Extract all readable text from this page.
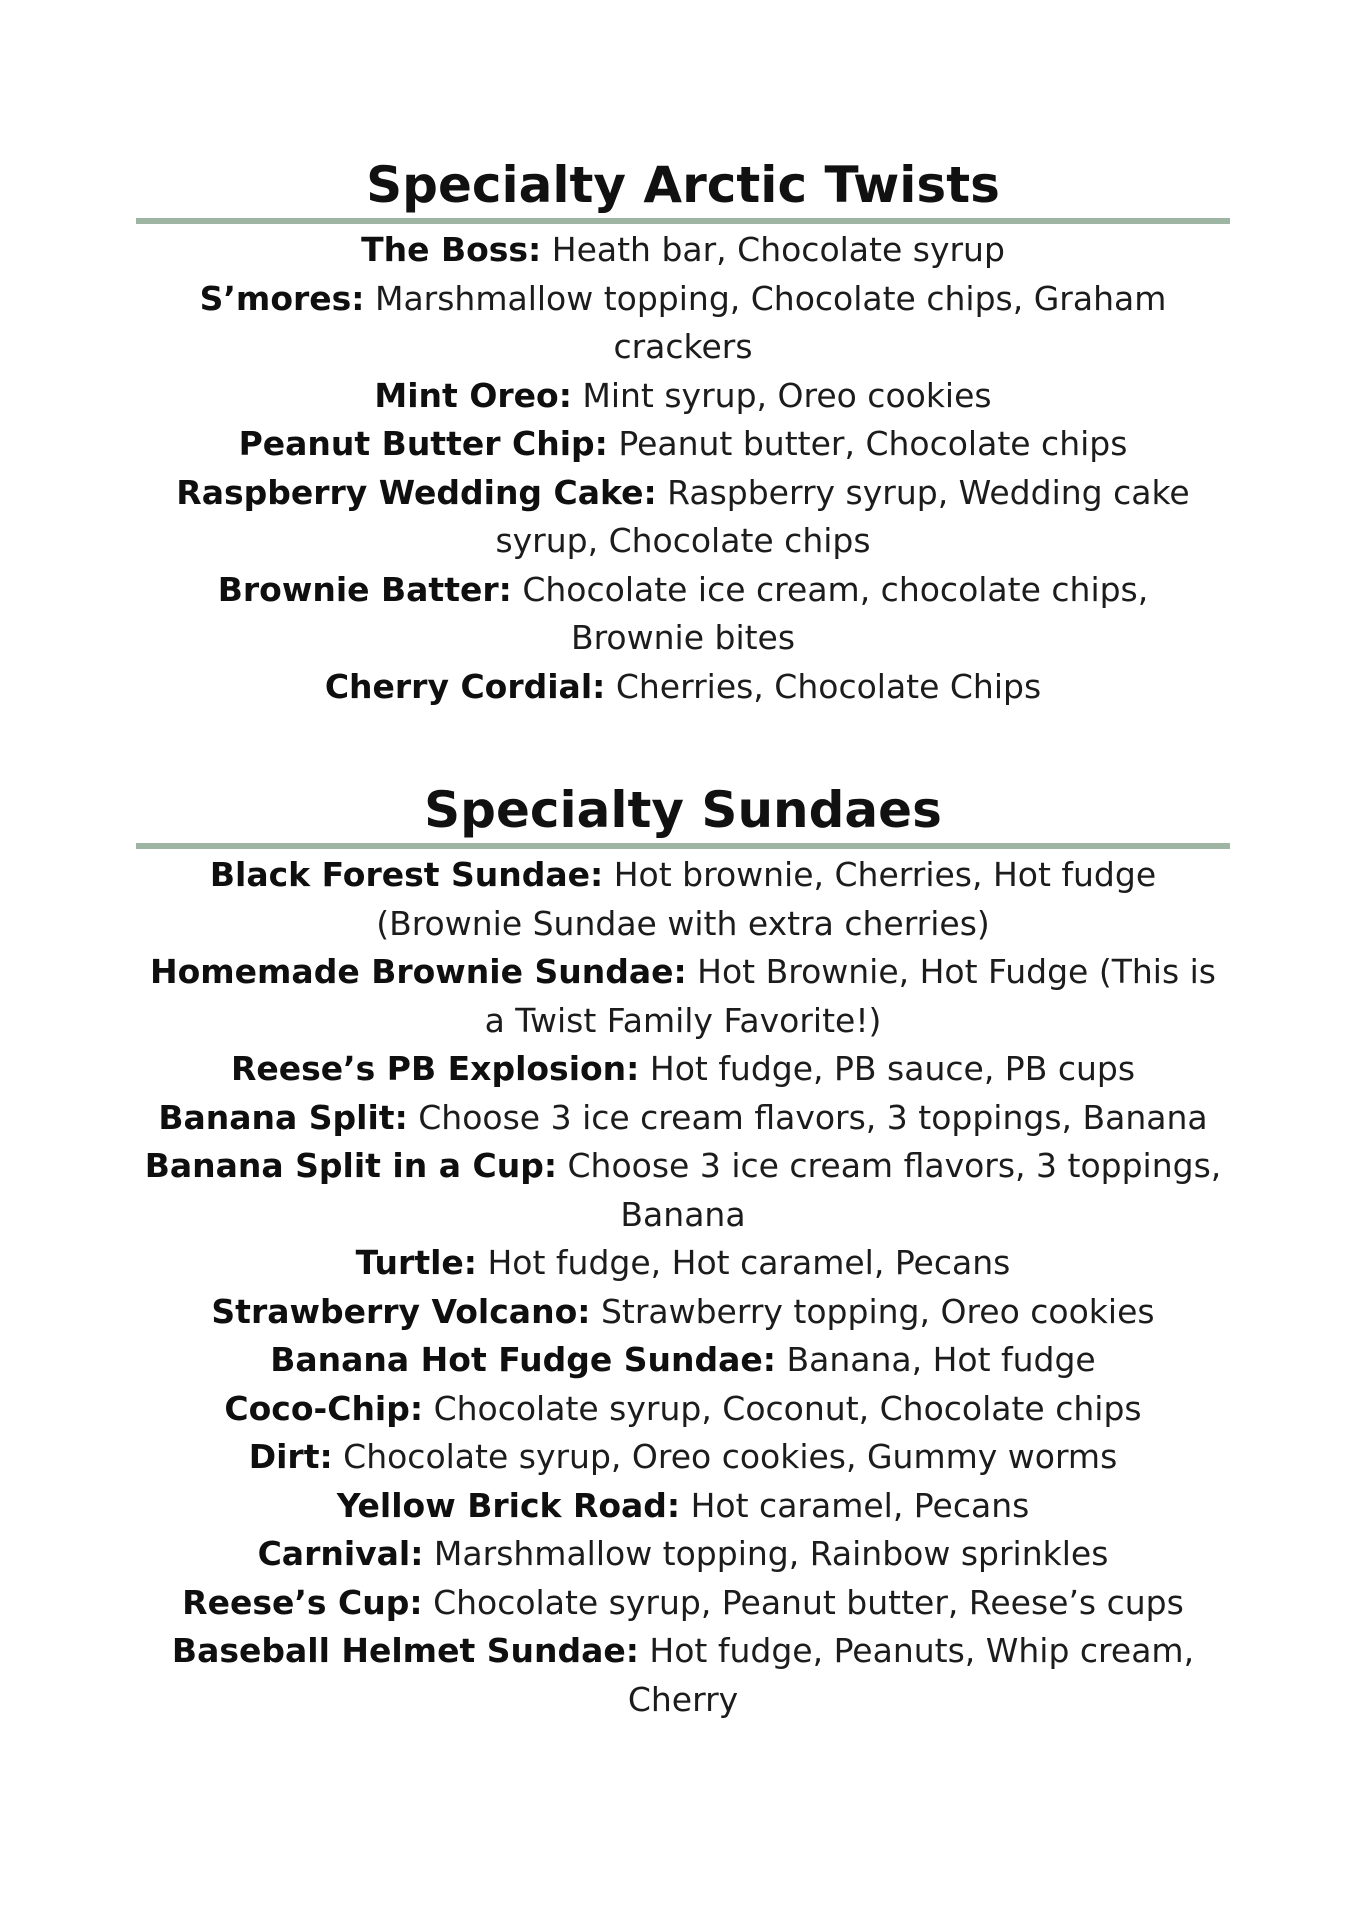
Specialty Arctic Twists
The Boss: Heath bar, Chocolate syrup
S’mores: Marshmallow topping, Chocolate chips, Graham crackers
Mint Oreo: Mint syrup, Oreo cookies
Peanut Butter Chip: Peanut butter, Chocolate chips
Raspberry Wedding Cake: Raspberry syrup, Wedding cake syrup, Chocolate chips
Brownie Batter: Chocolate ice cream, chocolate chips, Brownie bites
Cherry Cordial: Cherries, Chocolate Chips
Specialty Sundaes
Black Forest Sundae: Hot brownie, Cherries, Hot fudge (Brownie Sundae with extra cherries)
Homemade Brownie Sundae: Hot Brownie, Hot Fudge (This is a Twist Family Favorite!)
Reese’s PB Explosion: Hot fudge, PB sauce, PB cups
Banana Split: Choose 3 ice cream flavors, 3 toppings, Banana
Banana Split in a Cup: Choose 3 ice cream flavors, 3 toppings, Banana
Turtle: Hot fudge, Hot caramel, Pecans
Strawberry Volcano: Strawberry topping, Oreo cookies
Banana Hot Fudge Sundae: Banana, Hot fudge
Coco-Chip: Chocolate syrup, Coconut, Chocolate chips
Dirt: Chocolate syrup, Oreo cookies, Gummy worms
Yellow Brick Road: Hot caramel, Pecans
Carnival: Marshmallow topping, Rainbow sprinkles
Reese’s Cup: Chocolate syrup, Peanut butter, Reese’s cups
Baseball Helmet Sundae: Hot fudge, Peanuts, Whip cream, Cherry
